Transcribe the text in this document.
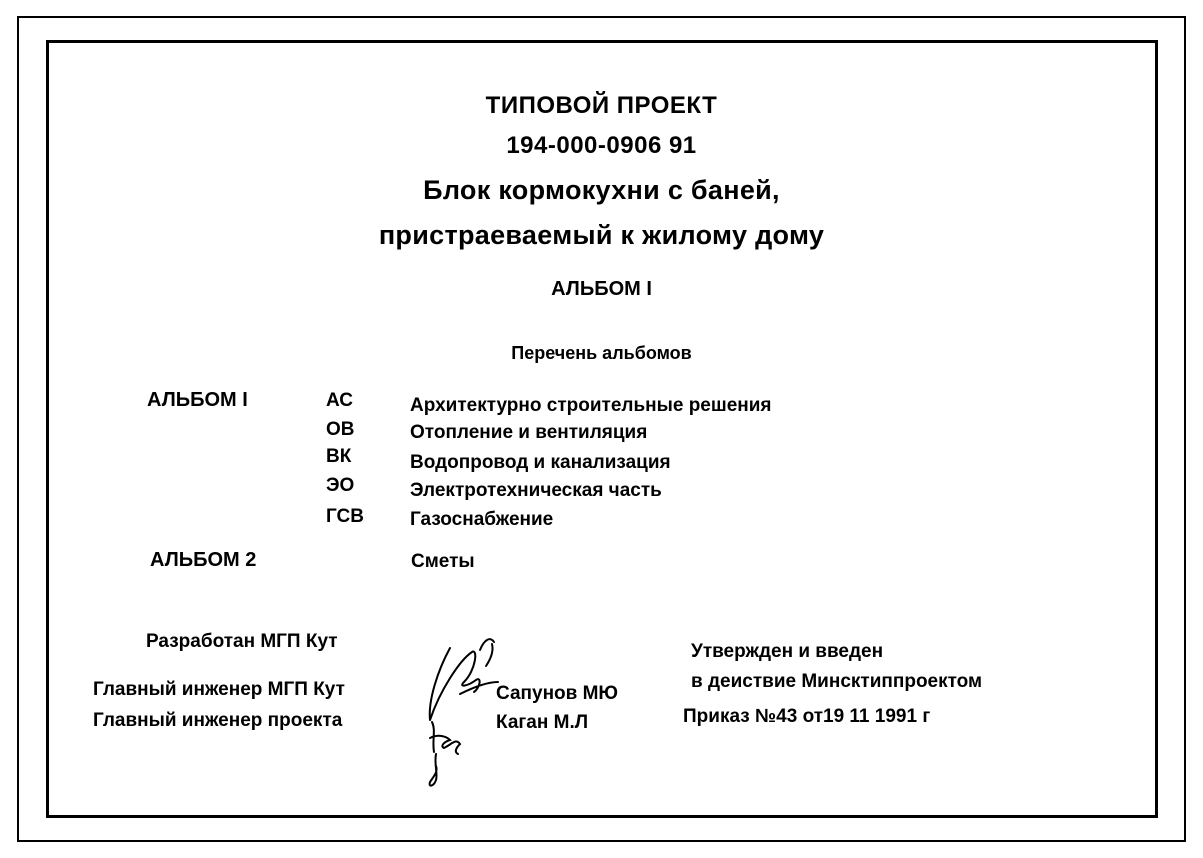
ТИПОВОЙ ПРОЕКТ
194-000-0906 91
Блок кормокухни с баней,
пристраеваемый к жилому дому
АЛЬБОМ I
Перечень альбомов
АЛЬБОМ I	АС	Архитектурно строительные решения
ОВ	Отопление и вентиляция
ВК	Водопровод и канализация
ЭО	Электротехническая часть
ГСВ Газоснабжение
АЛЬБОМ 2	Сметы
Разработан МГП Кут
Главный инженер МГП Кут	Сапунов МЮ
Главный инженер проекта	Каган М.Л
Утвержден и введен
в деиствие Минсктиппроектом
Приказ №43 от19 11 1991 г
